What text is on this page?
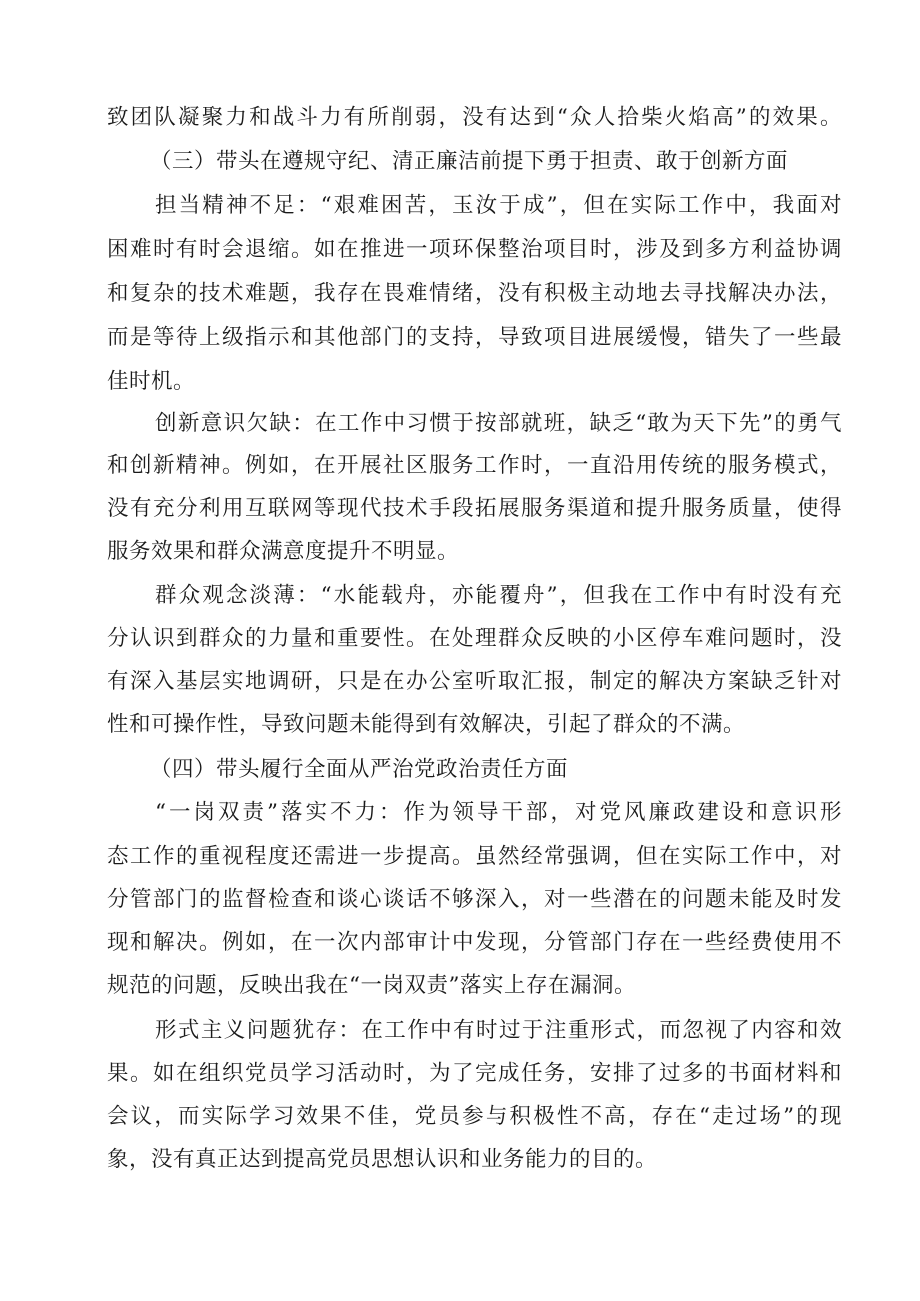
致团队凝聚力和战斗力有所削弱，没有达到“众人拾柴火焰高”的效果。
（三）带头在遵规守纪、清正廉洁前提下勇于担责、敢于创新方面
担当精神不足：“艰难困苦，玉汝于成”，但在实际工作中，我面对
困难时有时会退缩。如在推进一项环保整治项目时，涉及到多方利益协调
和复杂的技术难题，我存在畏难情绪，没有积极主动地去寻找解决办法，
而是等待上级指示和其他部门的支持，导致项目进展缓慢，错失了一些最
佳时机。
创新意识欠缺：在工作中习惯于按部就班，缺乏“敢为天下先”的勇气
和创新精神。例如，在开展社区服务工作时，一直沿用传统的服务模式，
没有充分利用互联网等现代技术手段拓展服务渠道和提升服务质量，使得
服务效果和群众满意度提升不明显。
群众观念淡薄：“水能载舟，亦能覆舟”，但我在工作中有时没有充
分认识到群众的力量和重要性。在处理群众反映的小区停车难问题时，没
有深入基层实地调研，只是在办公室听取汇报，制定的解决方案缺乏针对
性和可操作性，导致问题未能得到有效解决，引起了群众的不满。
（四）带头履行全面从严治党政治责任方面
“一岗双责”落实不力：作为领导干部，对党风廉政建设和意识形
态工作的重视程度还需进一步提高。虽然经常强调，但在实际工作中，对
分管部门的监督检查和谈心谈话不够深入，对一些潜在的问题未能及时发
现和解决。例如，在一次内部审计中发现，分管部门存在一些经费使用不
规范的问题，反映出我在“一岗双责”落实上存在漏洞。
形式主义问题犹存：在工作中有时过于注重形式，而忽视了内容和效
果。如在组织党员学习活动时，为了完成任务，安排了过多的书面材料和
会议，而实际学习效果不佳，党员参与积极性不高，存在“走过场”的现
象，没有真正达到提高党员思想认识和业务能力的目的。
